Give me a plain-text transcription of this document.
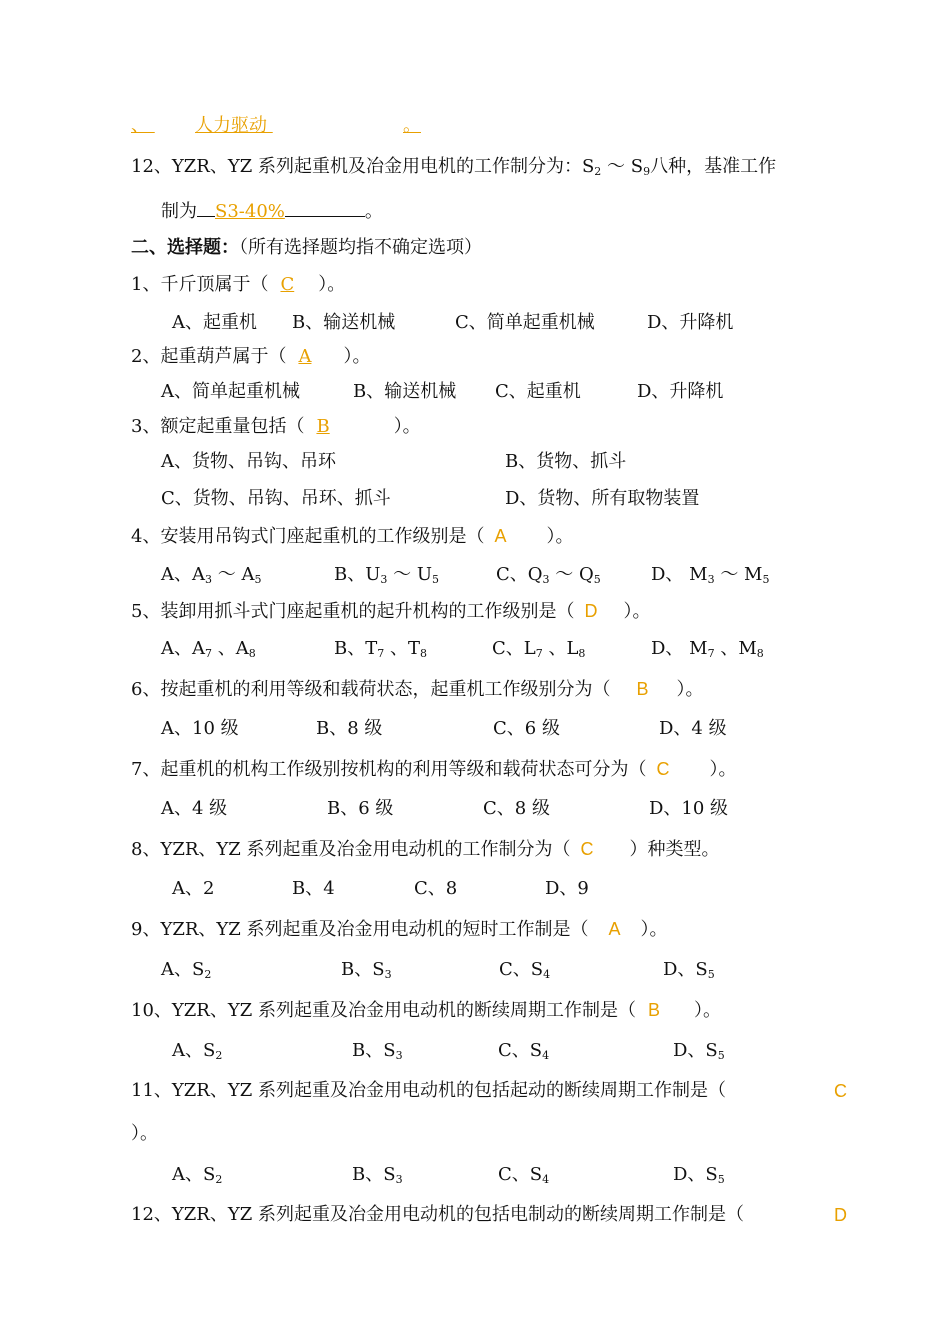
、	人力驱动	。
12、YZR、YZ 系列起重机及冶金用电机的工作制分为：$S_2$ ～ $S_9$八种，基准工作
制为 S3-40%	。
二、选择题：（所有选择题均指不确定选项）
1、千斤顶属于（ C ）。
A、起重机 B、输送机械	C、简单起重机械	D、升降机
2、起重葫芦属于（ A ）。
A、简单起重机械	B、输送机械 C、起重机	D、升降机
3、额定起重量包括（ B	）。
A、货物、吊钩、吊环	B、货物、抓斗
C、货物、吊钩、吊环、抓斗	D、货物、所有取物装置
4、安装用吊钩式门座起重机的工作级别是（ A ）。
A、$A_3$ ～ $A_5$	B、$U_3$ ～ $U_5$	C、$Q_3$ ～ $Q_5$	D、 $M_3$ ～ $M_5$
5、装卸用抓斗式门座起重机的起升机构的工作级别是（ D ）。
A、$A_7$ 、$A_8$	B、$T_7$ 、$T_8$	C、$L_7$ 、$L_8$	D、 $M_7$ 、$M_8$
6、按起重机的利用等级和载荷状态，起重机工作级别分为（ B ）。
A、10 级	B、8 级	C、6 级	D、4 级
7、起重机的机构工作级别按机构的利用等级和载荷状态可分为（ C ）。
A、4 级	B、6 级	C、8 级	D、10 级
8、YZR、YZ 系列起重及冶金用电动机的工作制分为（ C ）种类型。
A、2	B、4	C、8	D、9
9、YZR、YZ 系列起重及冶金用电动机的短时工作制是（ A ）。
A、$S_2$	B、$S_3$	C、$S_4$	D、$S_5$
10、YZR、YZ 系列起重及冶金用电动机的断续周期工作制是（ B ）。
A、$S_2$	B、$S_3$	C、$S_4$	D、$S_5$
11、YZR、YZ 系列起重及冶金用电动机的包括起动的断续周期工作制是（	C
）。
A、$S_2$	B、$S_3$	C、$S_4$	D、$S_5$
12、YZR、YZ 系列起重及冶金用电动机的包括电制动的断续周期工作制是（	D
